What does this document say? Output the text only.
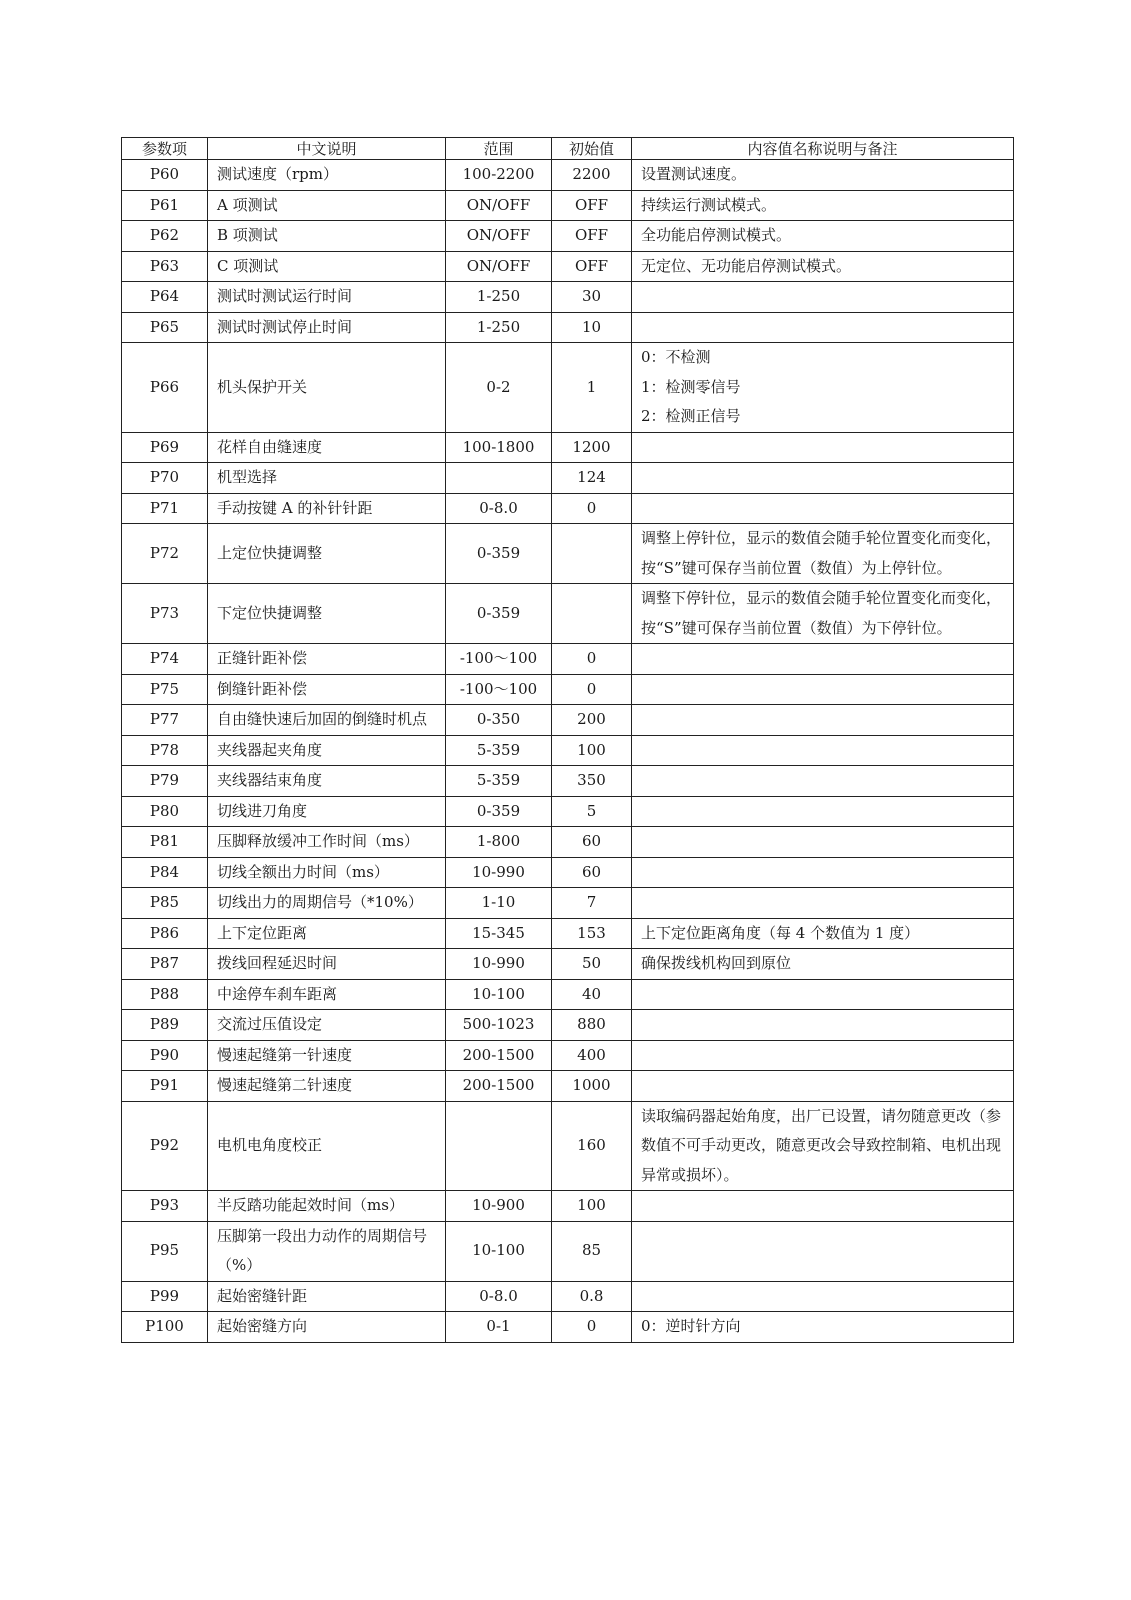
参数项	中文说明	范围	初始值	内容值名称说明与备注
P60	测试速度（rpm）	100-2200	2200	设置测试速度。

P61	A 项测试	ON/OFF	OFF	持续运行测试模式。

P62	B 项测试	ON/OFF	OFF	全功能启停测试模式。

P63	C 项测试	ON/OFF	OFF	无定位、无功能启停测试模式。

P64	测试时测试运行时间	1-250	30	
P65	测试时测试停止时间	1-250	10	
P66	机头保护开关	0-2	1	0：不检测
1：检测零信号
2：检测正信号

P69	花样自由缝速度	100-1800	1200	
P70	机型选择		124	
P71	手动按键 A 的补针针距	0-8.0	0	
P72	上定位快捷调整	0-359		调整上停针位，显示的数值会随手轮位置变化而变化，按“S”键可保存当前位置（数值）为上停针位。

P73	下定位快捷调整	0-359		调整下停针位，显示的数值会随手轮位置变化而变化，按“S”键可保存当前位置（数值）为下停针位。

P74	正缝针距补偿	-100～100	0	
P75	倒缝针距补偿	-100～100	0	
P77	自由缝快速后加固的倒缝时机点	0-350	200	
P78	夹线器起夹角度	5-359	100	
P79	夹线器结束角度	5-359	350	
P80	切线进刀角度	0-359	5	
P81	压脚释放缓冲工作时间（ms）	1-800	60	
P84	切线全额出力时间（ms）	10-990	60	
P85	切线出力的周期信号（*10%）	1-10	7	
P86	上下定位距离	15-345	153	上下定位距离角度（每 4 个数值为 1 度）

P87	拨线回程延迟时间	10-990	50	确保拨线机构回到原位

P88	中途停车刹车距离	10-100	40	
P89	交流过压值设定	500-1023	880	
P90	慢速起缝第一针速度	200-1500	400	
P91	慢速起缝第二针速度	200-1500	1000	
P92	电机电角度校正		160	读取编码器起始角度，出厂已设置，请勿随意更改（参数值不可手动更改，随意更改会导致控制箱、电机出现异常或损坏）。

P93	半反踏功能起效时间（ms）	10-900	100	
P95	压脚第一段出力动作的周期信号（%）	10-100	85	
P99	起始密缝针距	0-8.0	0.8	
P100	起始密缝方向	0-1	0	0：逆时针方向
